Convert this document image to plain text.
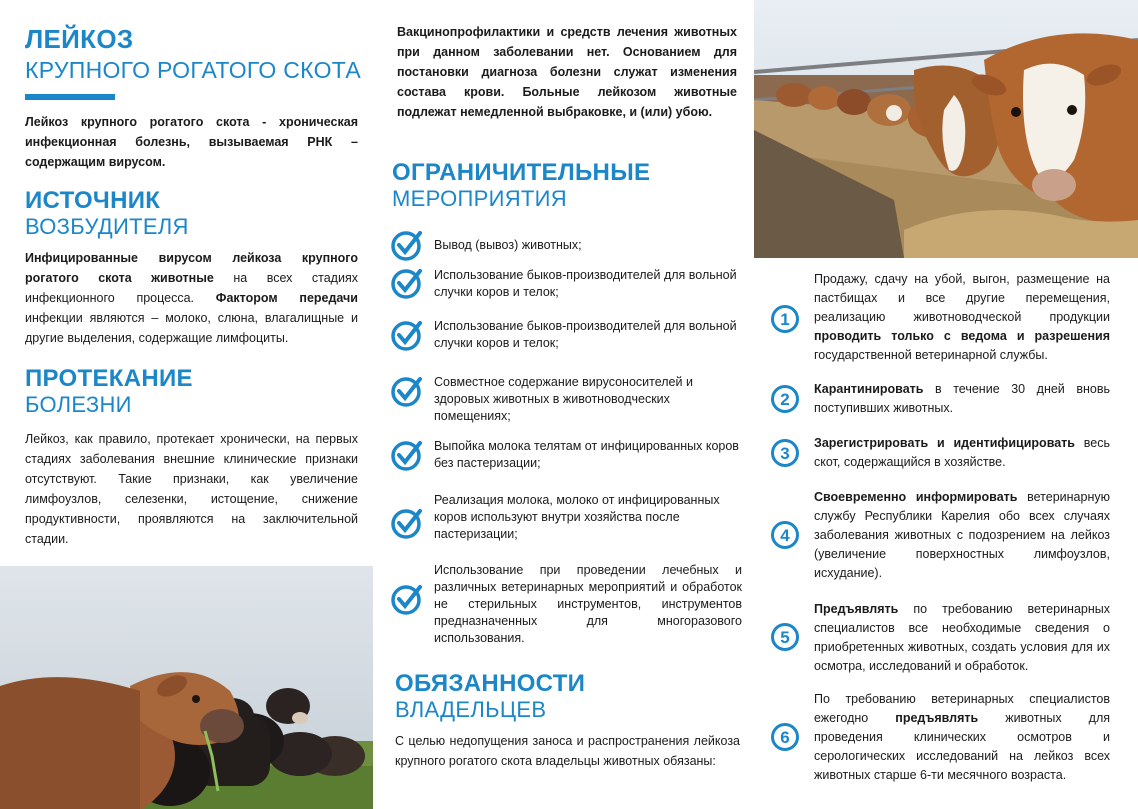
ЛЕЙКОЗ
КРУПНОГО РОГАТОГО СКОТА

Лейкоз крупного рогатого скота - хроническая инфекционная болезнь, вызываемая РНК – содержащим вирусом.

ИСТОЧНИК
ВОЗБУДИТЕЛЯ

Инфицированные вирусом лейкоза крупного рогатого скота животные на всех стадиях инфекционного процесса. Фактором передачи инфекции являются – молоко, слюна, влагалищные и другие выделения, содержащие лимфоциты.

ПРОТЕКАНИЕ
БОЛЕЗНИ

Лейкоз, как правило, протекает хронически, на первых стадиях заболевания внешние клинические признаки отсутствуют. Такие признаки, как увеличение лимфоузлов, селезенки, истощение, снижение продуктивности, проявляются на заключительной стадии.

Вакцинопрофилактики и средств лечения животных при данном заболевании нет. Основанием для постановки диагноза болезни служат изменения состава крови. Больные лейкозом животные подлежат немедленной выбраковке, и (или) убою.

ОГРАНИЧИТЕЛЬНЫЕ
МЕРОПРИЯТИЯ
Вывод (вывоз) животных;
Использование быков-производителей для вольной случки коров и телок;
Использование быков-производителей для вольной случки коров и телок;
Совместное содержание вирусоносителей и здоровых животных в животноводческих помещениях;
Выпойка молока телятам от инфицированных коров без пастеризации;
Реализация молока, молоко от инфицированных коров используют внутри хозяйства после пастеризации;
Использование при проведении лечебных и различных ветеринарных мероприятий и обработок не стерильных инструментов, инструментов предназначенных для многоразового использования.
ОБЯЗАННОСТИ
ВЛАДЕЛЬЦЕВ

С целью недопущения заноса и распространения лейкоза крупного рогатого скота владельцы животных обязаны:

1

Продажу, сдачу на убой, выгон, размещение на пастбищах и все другие перемещения, реализацию животноводческой продукции проводить только с ведома и разрешения государственной ветеринарной службы.

2

Карантинировать в течение 30 дней вновь поступивших животных.

3

Зарегистрировать и идентифицировать весь скот, содержащийся в хозяйстве.

4

Своевременно информировать ветеринарную службу Республики Карелия обо всех случаях заболевания животных с подозрением на лейкоз (увеличение поверхностных лимфоузлов, исхудание).

5

Предъявлять по требованию ветеринарных специалистов все необходимые сведения о приобретенных животных, создать условия для их осмотра, исследований и обработок.

6

По требованию ветеринарных специалистов ежегодно предъявлять животных для проведения клинических осмотров и серологических исследований на лейкоз всех животных старше 6-ти месячного возраста.
